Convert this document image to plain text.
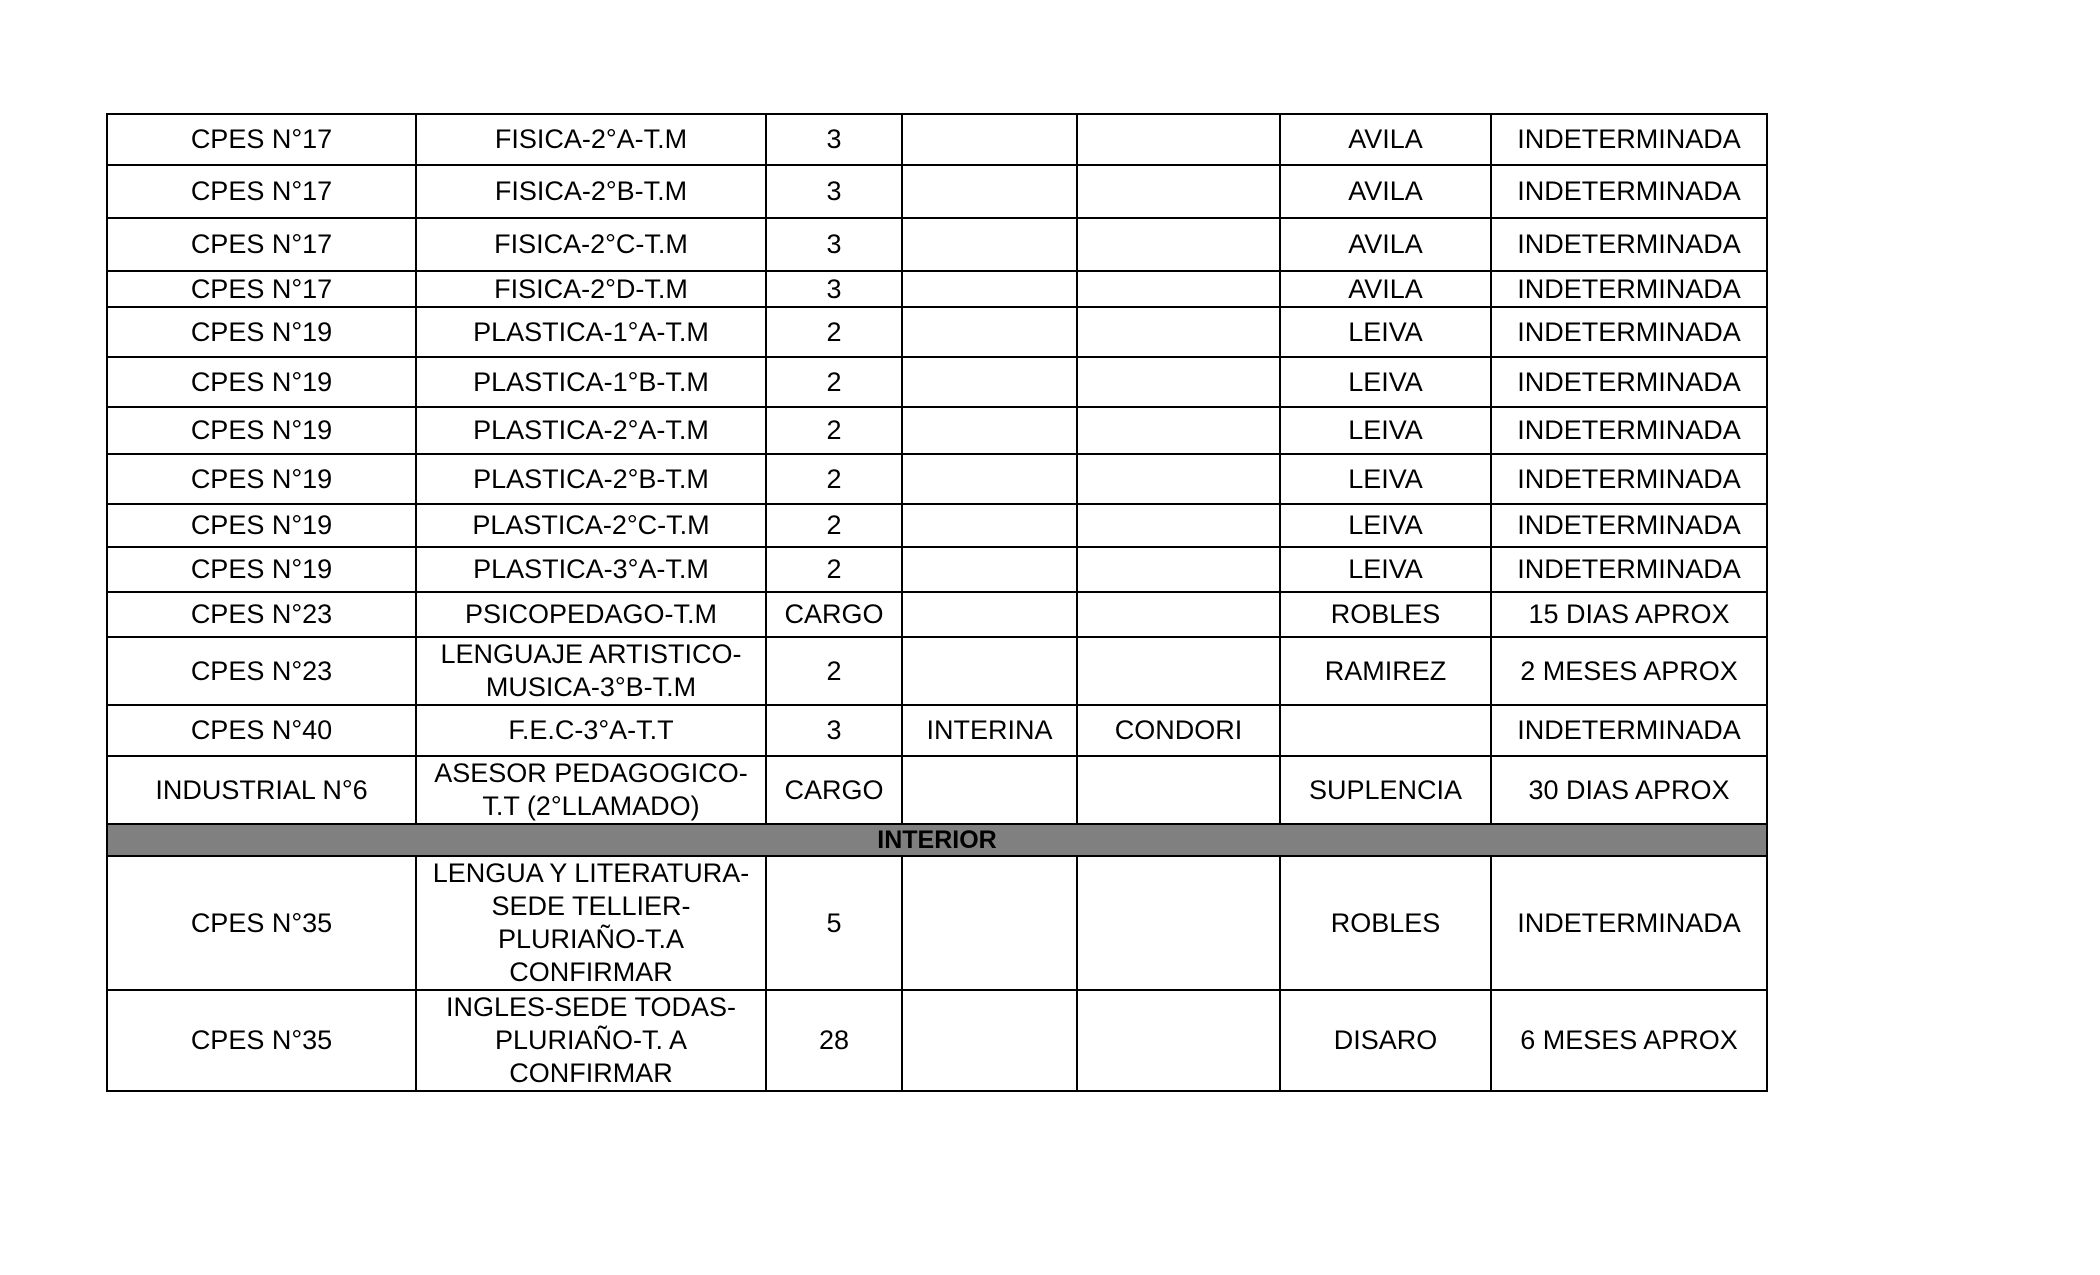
CPES N°17	FISICA-2°A-T.M	3			AVILA	INDETERMINADA
CPES N°17	FISICA-2°B-T.M	3			AVILA	INDETERMINADA
CPES N°17	FISICA-2°C-T.M	3			AVILA	INDETERMINADA
CPES N°17	FISICA-2°D-T.M	3			AVILA	INDETERMINADA
CPES N°19	PLASTICA-1°A-T.M	2			LEIVA	INDETERMINADA
CPES N°19	PLASTICA-1°B-T.M	2			LEIVA	INDETERMINADA
CPES N°19	PLASTICA-2°A-T.M	2			LEIVA	INDETERMINADA
CPES N°19	PLASTICA-2°B-T.M	2			LEIVA	INDETERMINADA
CPES N°19	PLASTICA-2°C-T.M	2			LEIVA	INDETERMINADA
CPES N°19	PLASTICA-3°A-T.M	2			LEIVA	INDETERMINADA
CPES N°23	PSICOPEDAGO-T.M	CARGO			ROBLES	15 DIAS APROX
CPES N°23	LENGUAJE ARTISTICO-
MUSICA-3°B-T.M	2			RAMIREZ	2 MESES APROX
CPES N°40	F.E.C-3°A-T.T	3	INTERINA	CONDORI		INDETERMINADA
INDUSTRIAL N°6	ASESOR PEDAGOGICO-
T.T (2°LLAMADO)	CARGO			SUPLENCIA	30 DIAS APROX
INTERIOR						
CPES N°35	LENGUA Y LITERATURA-
SEDE TELLIER-
PLURIAÑO-T.A
CONFIRMAR	5			ROBLES	INDETERMINADA
CPES N°35	INGLES-SEDE TODAS-
PLURIAÑO-T. A
CONFIRMAR	28			DISARO	6 MESES APROX
